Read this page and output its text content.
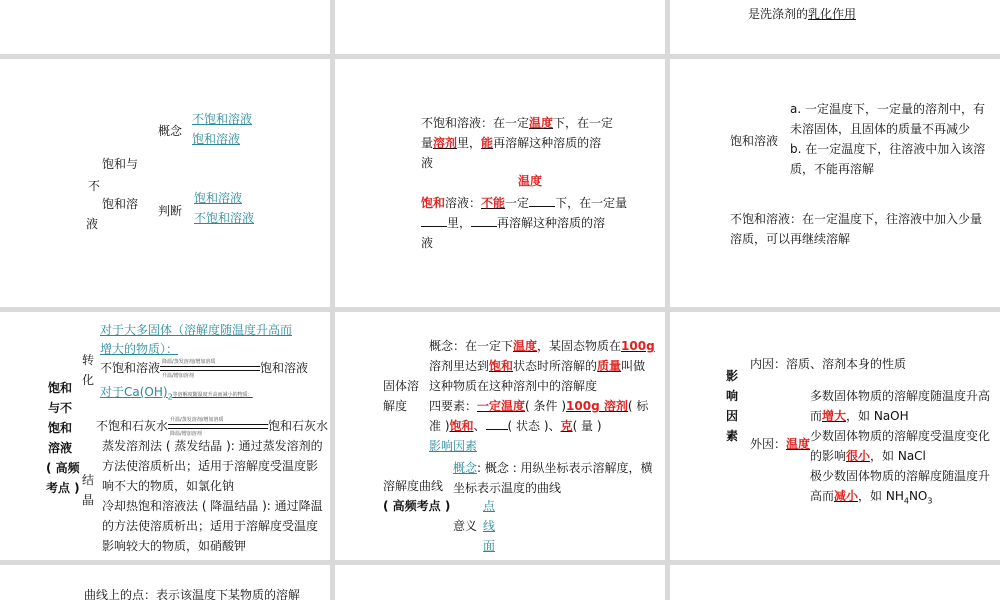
是洗涤剂的乳化作用
不
饱和与
饱和溶
液
概念
判断
不饱和溶液
饱和溶液
饱和溶液
不饱和溶液
不饱和溶液：在一定温度下，在一定
量溶剂里，能再溶解这种溶质的溶
液
温度
饱和溶液：不能一定 下，在一定量
里， 再溶解这种溶质的溶
液
饱和溶液
a. 一定温度下，一定量的溶剂中，有
未溶固体，且固体的质量不再减少
b. 在一定温度下，往溶液中加入该溶
质，不能再溶解
不饱和溶液：在一定温度下，往溶液中加入少量
溶质，可以再继续溶解
饱和
与不
饱和
溶液
( 高频
考点 )
转
化
结
晶
对于大多固体（溶解度随温度升高而
增大的物质）：
不饱和溶液 降温/蒸发溶剂/增加溶质
升温/增加溶剂
饱和溶液
对于$Ca(OH)_2$等溶解度随温度升高而减小的物质：
不饱和石灰水 升温/蒸发溶剂/增加溶质
降温/增加溶剂
饱和石灰水
蒸发溶剂法 ( 蒸发结晶 ): 通过蒸发溶剂的
方法使溶质析出；适用于溶解度受温度影
响不大的物质，如氯化钠
冷却热饱和溶液法 ( 降温结晶 ): 通过降温
的方法使溶质析出；适用于溶解度受温度
影响较大的物质，如硝酸钾
固体溶
解度
概念：在一定下温度，某固态物质在100g
溶剂里达到饱和状态时所溶解的质量叫做
这种物质在这种溶剂中的溶解度
四要素：一定温度( 条件 )100g 溶剂( 标
准 )饱和、 ( 状态 )、克( 量 )
影响因素
溶解度曲线
( 高频考点 )
概念: 概念 : 用纵坐标表示溶解度，横
坐标表示温度的曲线
意义
点
线
面
影
响
因
素
内因：溶质、溶剂本身的性质
外因：温度
多数固体物质的溶解度随温度升高
而增大，如 NaOH
少数固体物质的溶解度受温度变化
的影响很小，如 NaCl
极少数固体物质的溶解度随温度升
高而减小，如 $NH_4NO_3$
曲线上的点：表示该温度下某物质的溶解
